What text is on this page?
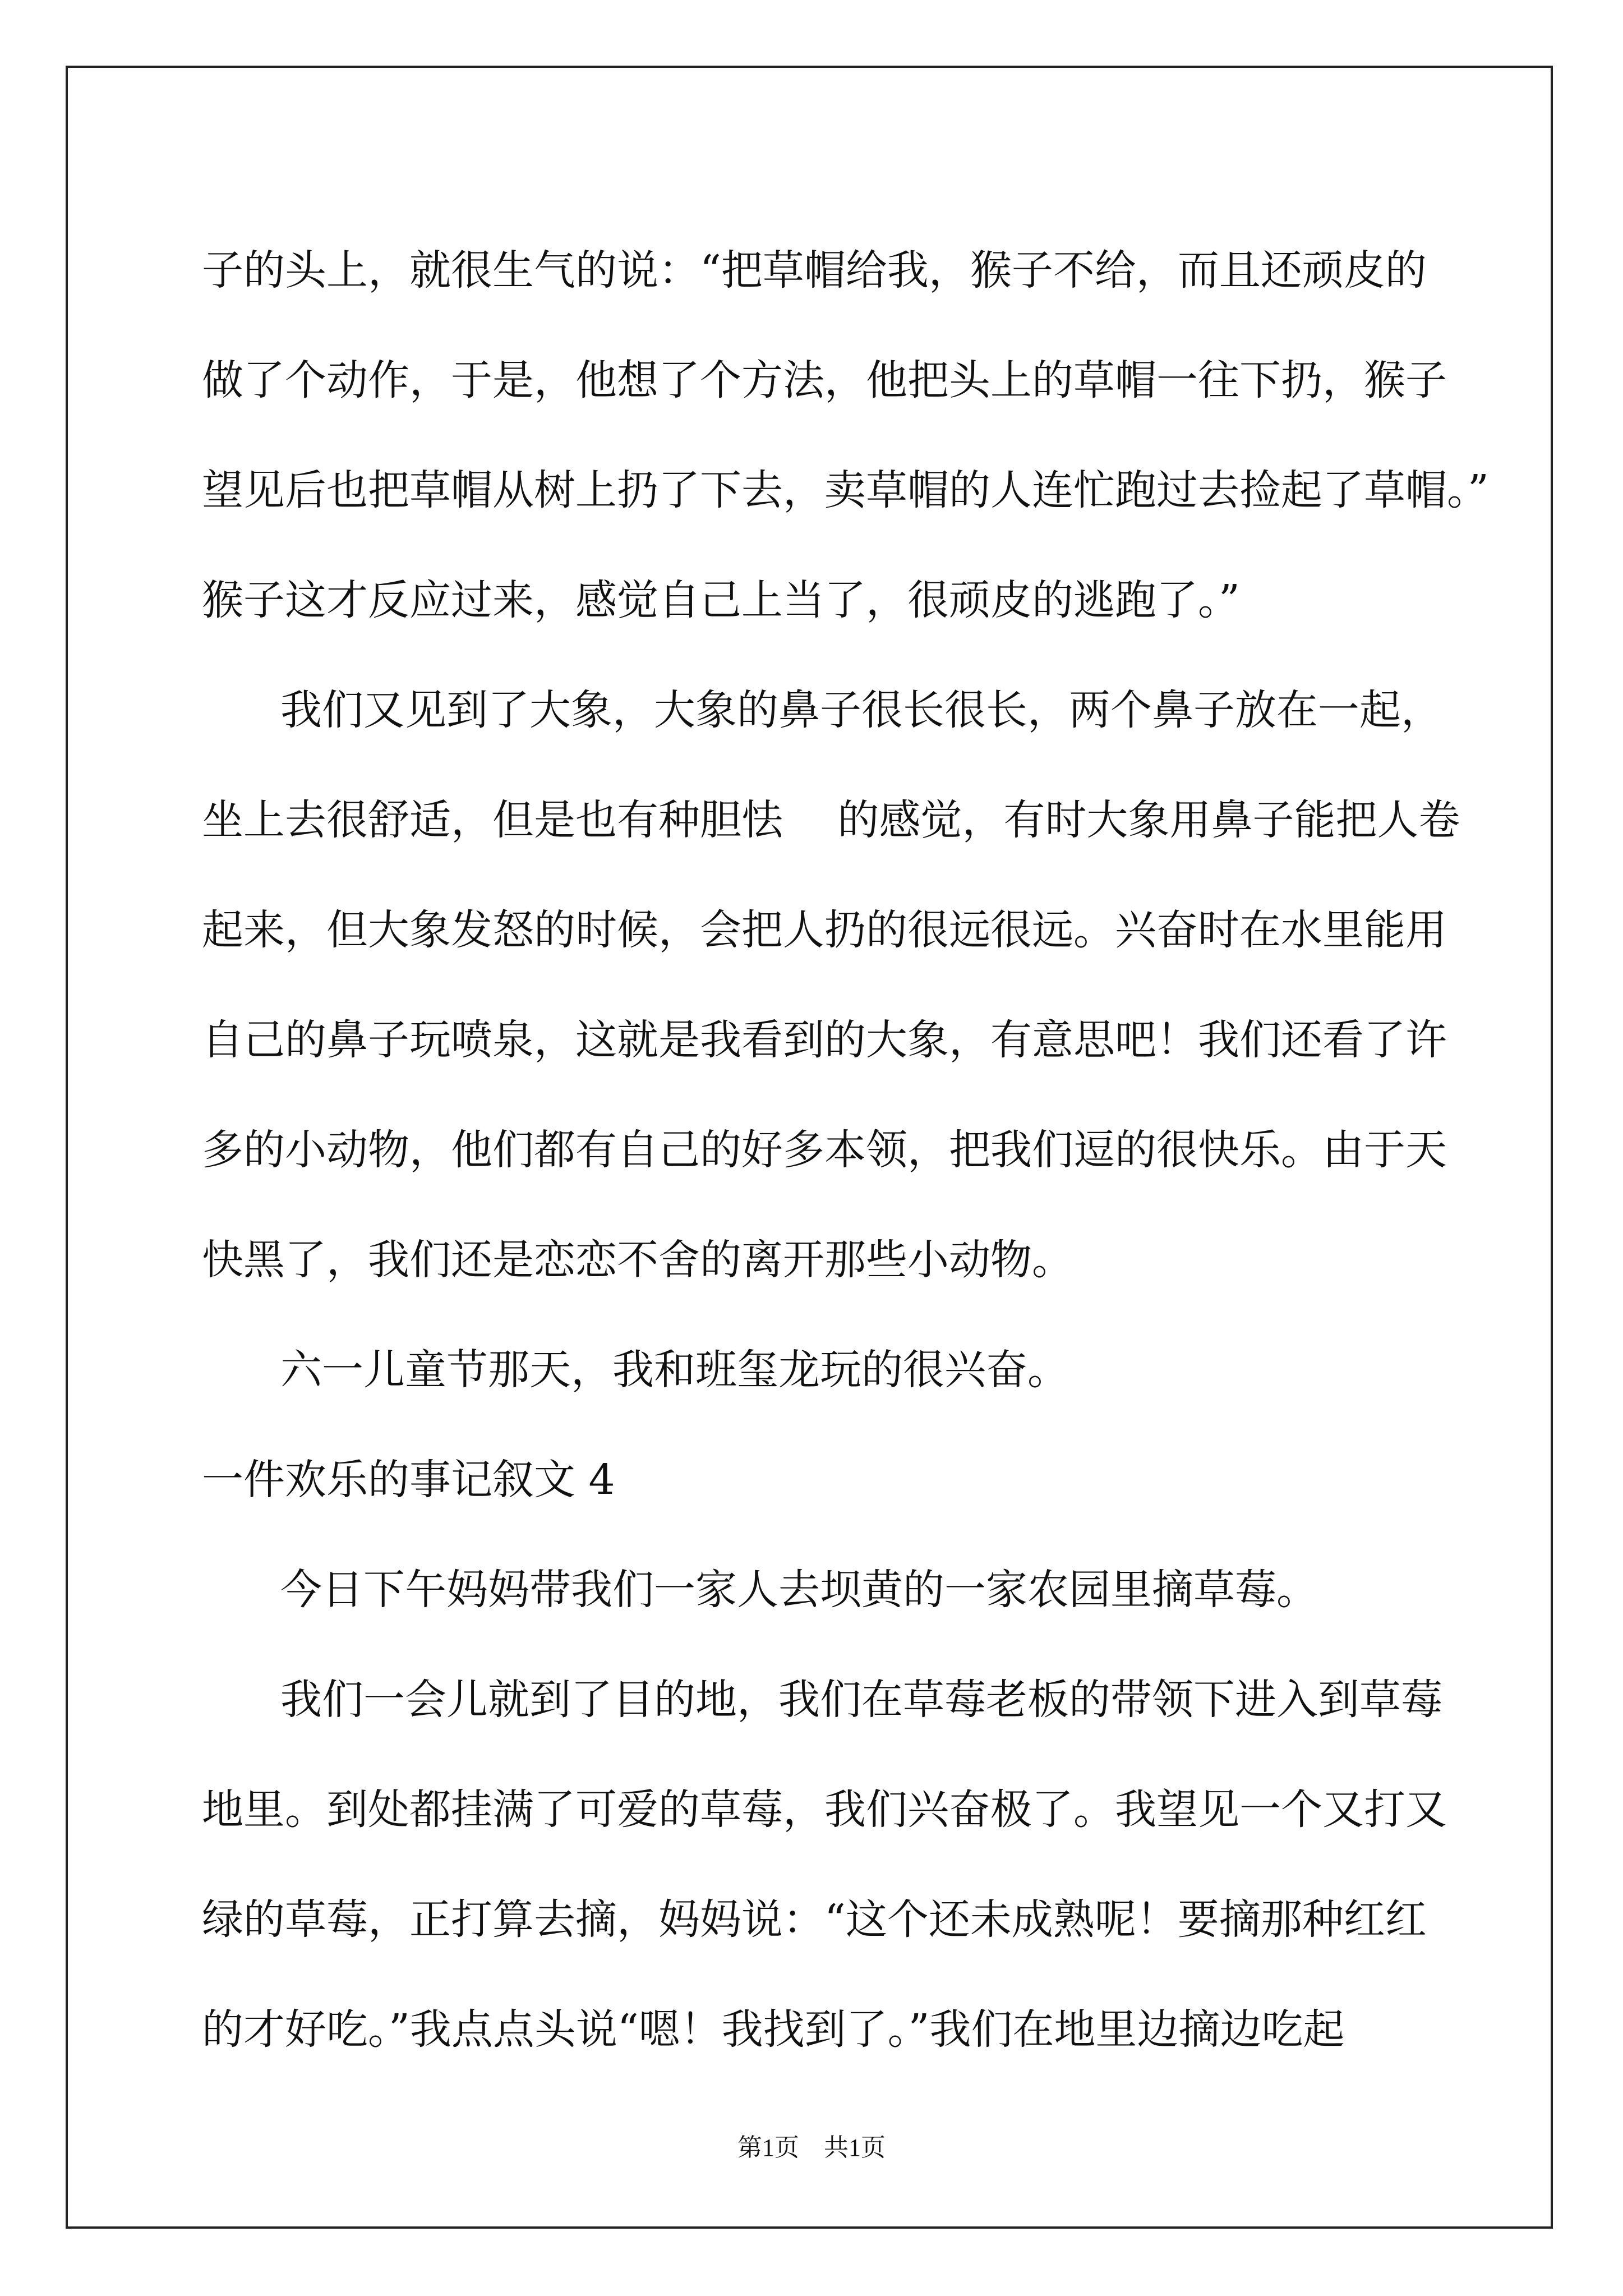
子的头上，就很生气的说：“把草帽给我，猴子不给，而且还顽皮的

做了个动作，于是，他想了个方法，他把头上的草帽一往下扔，猴子

望见后也把草帽从树上扔了下去，卖草帽的人连忙跑过去捡起了草帽。”

猴子这才反应过来，感觉自己上当了，很顽皮的逃跑了。”

我们又见到了大象，大象的鼻子很长很长，两个鼻子放在一起，

坐上去很舒适，但是也有种胆怯　 的感觉，有时大象用鼻子能把人卷

起来，但大象发怒的时候，会把人扔的很远很远。兴奋时在水里能用

自己的鼻子玩喷泉，这就是我看到的大象，有意思吧！我们还看了许

多的小动物，他们都有自己的好多本领，把我们逗的很快乐。由于天

快黑了，我们还是恋恋不舍的离开那些小动物。

六一儿童节那天，我和班玺龙玩的很兴奋。

一件欢乐的事记叙文 4

今日下午妈妈带我们一家人去坝黄的一家农园里摘草莓。

我们一会儿就到了目的地，我们在草莓老板的带领下进入到草莓

地里。到处都挂满了可爱的草莓，我们兴奋极了。我望见一个又打又

绿的草莓，正打算去摘，妈妈说：“这个还未成熟呢！要摘那种红红

的才好吃。”我点点头说“嗯！我找到了。”我们在地里边摘边吃起

第1页　共1页
